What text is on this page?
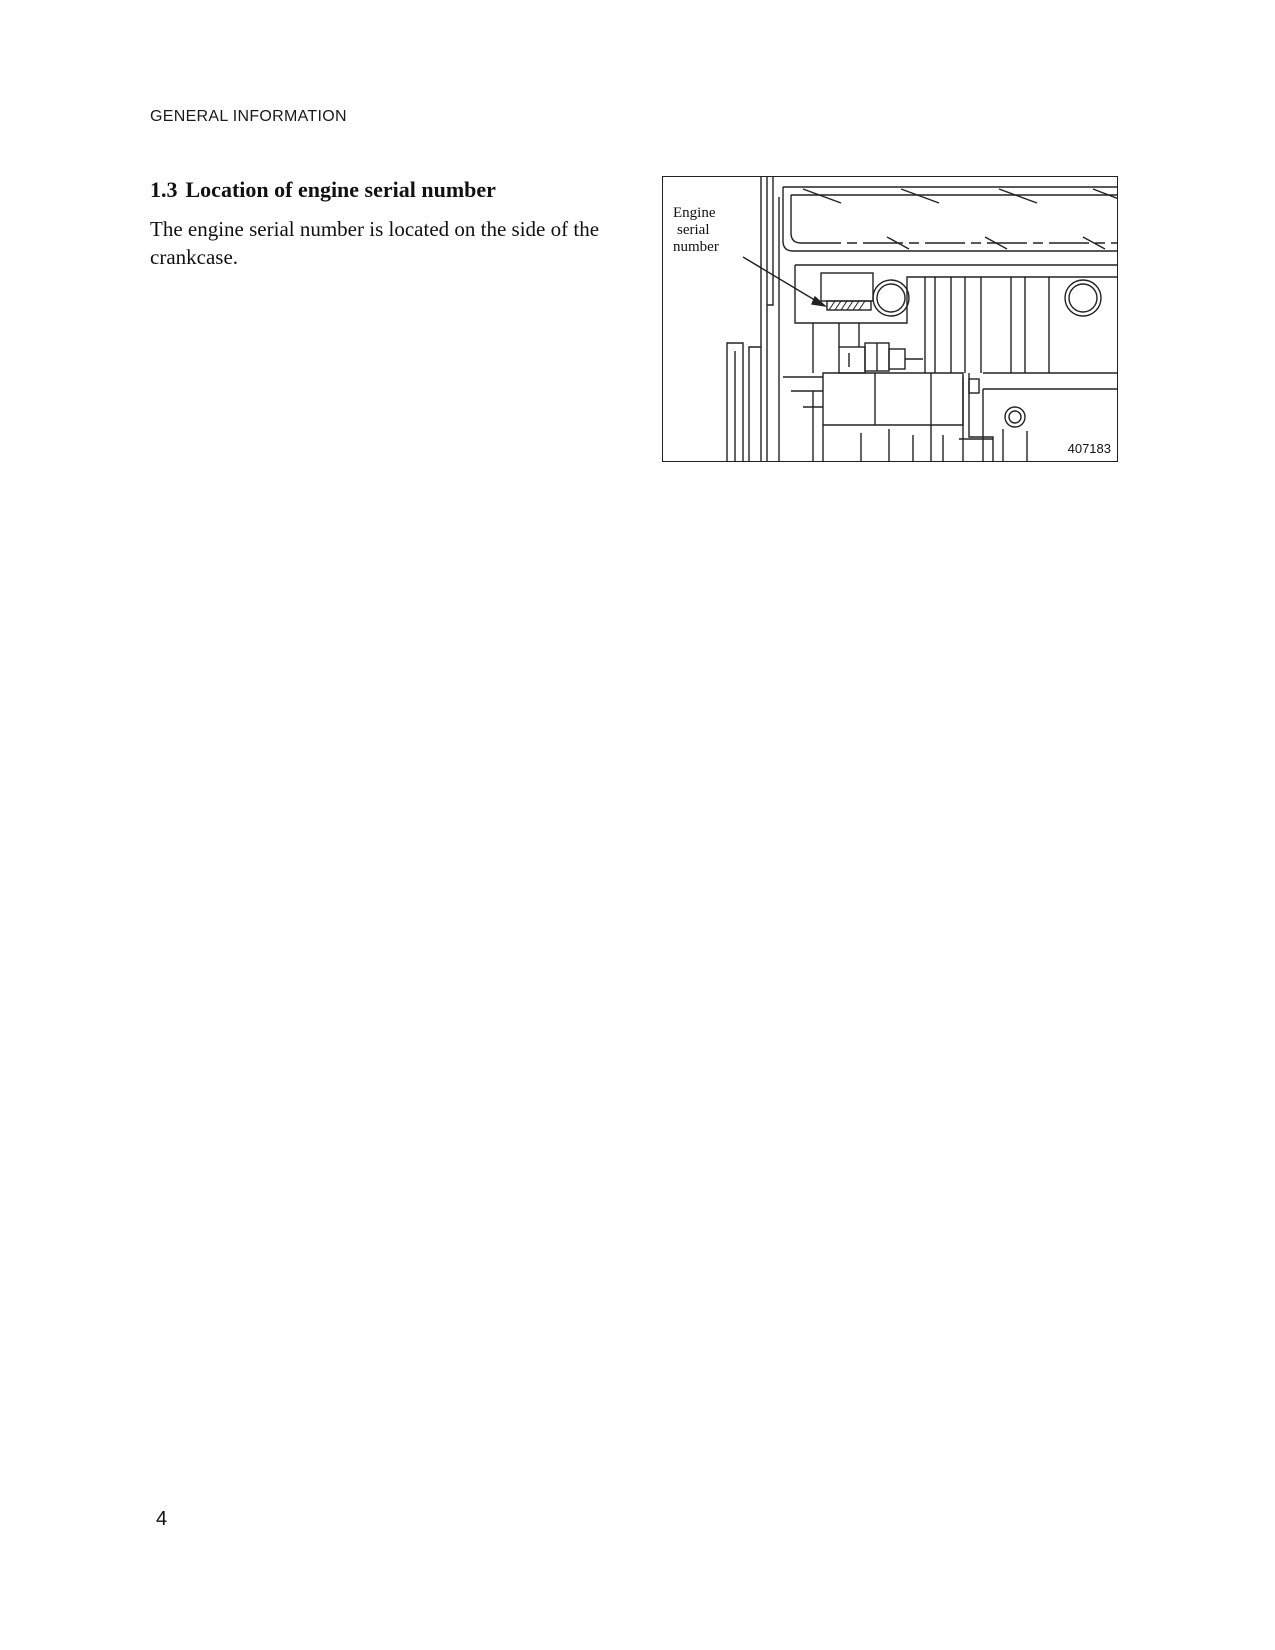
GENERAL INFORMATION
1.3 Location of engine serial number

The engine serial number is located on the side of the crankcase.

Engine
serial
number
407183
4
